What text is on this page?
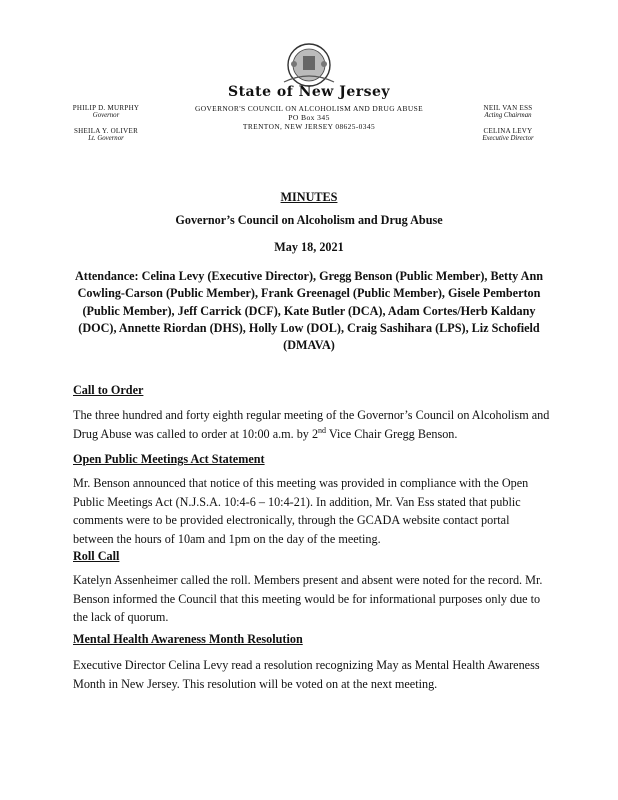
State of New Jersey
GOVERNOR'S COUNCIL ON ALCOHOLISM AND DRUG ABUSE
PO Box 345
TRENTON, NEW JERSEY 08625-0345
PHILIP D. MURPHY
Governor
SHEILA Y. OLIVER
Lt. Governor
NEIL VAN ESS
Acting Chairman
CELINA LEVY
Executive Director
MINUTES
Governor’s Council on Alcoholism and Drug Abuse
May 18, 2021
Attendance: Celina Levy (Executive Director), Gregg Benson (Public Member), Betty Ann Cowling-Carson (Public Member), Frank Greenagel (Public Member), Gisele Pemberton (Public Member), Jeff Carrick (DCF), Kate Butler (DCA), Adam Cortes/Herb Kaldany (DOC), Annette Riordan (DHS), Holly Low (DOL), Craig Sashihara (LPS), Liz Schofield (DMAVA)
Call to Order
The three hundred and forty eighth regular meeting of the Governor’s Council on Alcoholism and Drug Abuse was called to order at 10:00 a.m. by 2nd Vice Chair Gregg Benson.
Open Public Meetings Act Statement
Mr. Benson announced that notice of this meeting was provided in compliance with the Open Public Meetings Act (N.J.S.A. 10:4-6 – 10:4-21). In addition, Mr. Van Ess stated that public comments were to be provided electronically, through the GCADA website contact portal between the hours of 10am and 1pm on the day of the meeting.
Roll Call
Katelyn Assenheimer called the roll. Members present and absent were noted for the record. Mr. Benson informed the Council that this meeting would be for informational purposes only due to the lack of quorum.
Mental Health Awareness Month Resolution
Executive Director Celina Levy read a resolution recognizing May as Mental Health Awareness Month in New Jersey. This resolution will be voted on at the next meeting.
